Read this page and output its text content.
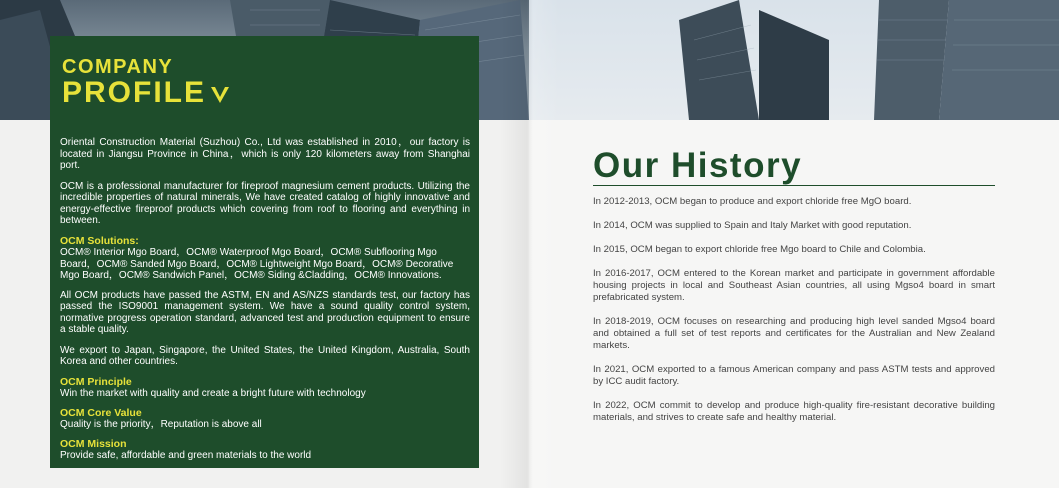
COMPANY
PROFILE

Oriental Construction Material (Suzhou) Co., Ltd was established in 2010，our factory is located in Jiangsu Province in China，which is only 120 kilometers away from Shanghai port.

OCM is a professional manufacturer for fireproof magnesium cement products. Utilizing the incredible properties of natural minerals, We have created catalog of highly innovative and energy-effective fireproof products which covering from roof to flooring and everything in between.

OCM Solutions:
OCM® Interior Mgo Board，OCM® Waterproof Mgo Board，OCM® Subflooring Mgo Board，OCM® Sanded Mgo Board，OCM® Lightweight Mgo Board，OCM® Decorative Mgo Board，OCM® Sandwich Panel，OCM® Siding &Cladding，OCM® Innovations.

All OCM products have passed the ASTM, EN and AS/NZS standards test, our factory has passed the ISO9001 management system. We have a sound quality control system, normative progress operation standard, advanced test and production equipment to ensure a stable quality.

We export to Japan, Singapore, the United States, the United Kingdom, Australia, South Korea and other countries.

OCM Principle
Win the market with quality and create a bright future with technology
OCM Core Value
Quality is the priority，Reputation is above all
OCM Mission
Provide safe, affordable and green materials to the world
Our History

In 2012-2013, OCM began to produce and export chloride free MgO board.

In 2014, OCM was supplied to Spain and Italy Market with good reputation.

In 2015, OCM began to export chloride free Mgo board to Chile and Colombia.

In 2016-2017, OCM entered to the Korean market and participate in government affordable housing projects in local and Southeast Asian countries, all using Mgso4 board in smart prefabricated system.

In 2018-2019, OCM focuses on researching and producing high level sanded Mgso4 board and obtained a full set of test reports and certificates for the Australian and New Zealand markets.

In 2021, OCM exported to a famous American company and pass ASTM tests and approved by ICC audit factory.

In 2022, OCM commit to develop and produce high-quality fire-resistant decorative building materials, and strives to create safe and healthy material.
